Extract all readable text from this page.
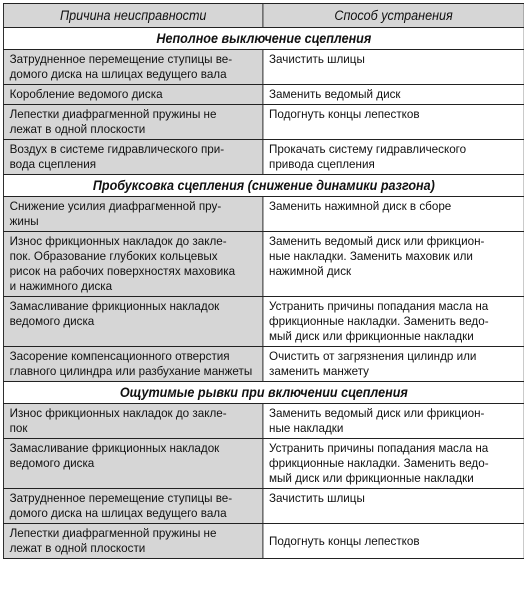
Причина неисправности	Способ устранения
Неполное выключение сцепления	
Затрудненное перемещение ступицы ве-
домого диска на шлицах ведущего вала	Зачистить шлицы
Коробление ведомого диска	Заменить ведомый диск
Лепестки диафрагменной пружины не
лежат в одной плоскости	Подогнуть концы лепестков
Воздух в системе гидравлического при-
вода сцепления	Прокачать систему гидравлического
привода сцепления
Пробуксовка сцепления (снижение динамики разгона)	
Снижение усилия диафрагменной пру-
жины	Заменить нажимной диск в сборе
Износ фрикционных накладок до закле-
пок. Образование глубоких кольцевых
рисок на рабочих поверхностях маховика
и нажимного диска	Заменить ведомый диск или фрикцион-
ные накладки. Заменить маховик или
нажимной диск
Замасливание фрикционных накладок
ведомого диска	Устранить причины попадания масла на
фрикционные накладки. Заменить ведо-
мый диск или фрикционные накладки
Засорение компенсационного отверстия
главного цилиндра или разбухание манжеты	Очистить от загрязнения цилиндр или
заменить манжету
Ощутимые рывки при включении сцепления	
Износ фрикционных накладок до закле-
пок	Заменить ведомый диск или фрикцион-
ные накладки
Замасливание фрикционных накладок
ведомого диска	Устранить причины попадания масла на
фрикционные накладки. Заменить ведо-
мый диск или фрикционные накладки
Затрудненное перемещение ступицы ве-
домого диска на шлицах ведущего вала	Зачистить шлицы
Лепестки диафрагменной пружины не
лежат в одной плоскости	Подогнуть концы лепестков
